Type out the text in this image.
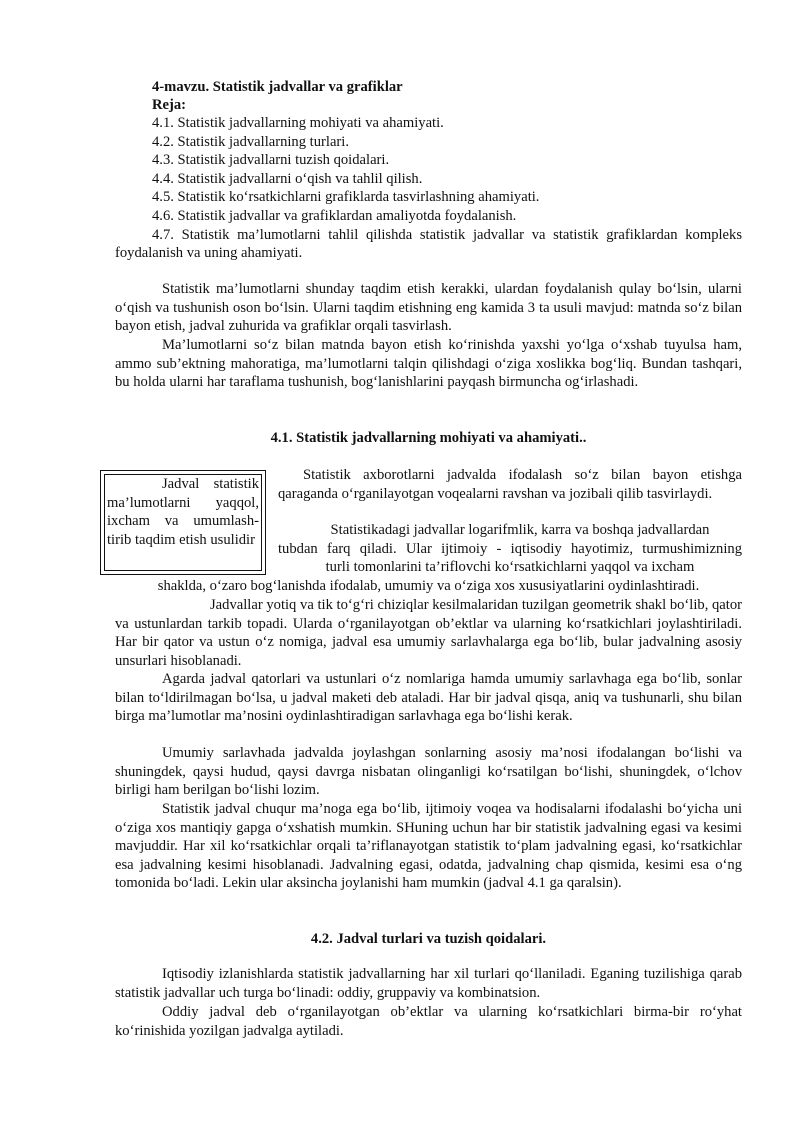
4-mavzu. Statistik jadvallar va grafiklar
Reja:
4.1. Statistik jadvallarning mohiyati va ahamiyati.
4.2. Statistik jadvallarning turlari.
4.3. Statistik jadvallarni tuzish qoidalari.
4.4. Statistik jadvallarni o‘qish va tahlil qilish.
4.5. Statistik ko‘rsatkichlarni grafiklarda tasvirlashning ahamiyati.
4.6. Statistik jadvallar va grafiklardan amaliyotda foydalanish.
4.7. Statistik ma’lumotlarni tahlil qilishda statistik jadvallar va statistik grafiklardan kompleks foydalanish va uning ahamiyati.
Statistik ma’lumotlarni shunday taqdim etish kerakki, ulardan foydalanish qulay bo‘lsin, ularni o‘qish va tushunish oson bo‘lsin. Ularni taqdim etishning eng kamida 3 ta usuli mavjud: matnda so‘z bilan bayon etish, jadval zuhurida va grafiklar orqali tasvirlash.
Ma’lumotlarni so‘z bilan matnda bayon etish ko‘rinishda yaxshi yo‘lga o‘xshab tuyulsa ham, ammo sub’ektning mahoratiga, ma’lumotlarni talqin qilishdagi o‘ziga xoslikka bog‘liq. Bundan tashqari, bu holda ularni har taraflama tushunish, bog‘lanishlarini payqash birmuncha og‘irlashadi.
4.1. Statistik jadvallarning mohiyati va ahamiyati..
Jadval statistik ma’lumotlarni yaqqol, ixcham va umumlash-tirib taqdim etish usulidir
Statistik axborotlarni jadvalda ifodalash so‘z bilan bayon etishga qaraganda o‘rganilayotgan voqealarni ravshan va jozibali qilib tasvirlaydi.
Statistikadagi jadvallar logarifmlik, karra va boshqa jadvallardan
tubdan farq qiladi. Ular ijtimoiy - iqtisodiy hayotimiz, turmushimizning
turli tomonlarini ta’riflovchi ko‘rsatkichlarni yaqqol va ixcham
shaklda, o‘zaro bog‘lanishda ifodalab, umumiy va o‘ziga xos xususiyatlarini oydinlashtiradi.
Jadvallar yotiq va tik to‘g‘ri chiziqlar kesilmalaridan tuzilgan geometrik shakl bo‘lib, qator va ustunlardan tarkib topadi. Ularda o‘rganilayotgan ob’ektlar va ularning ko‘rsatkichlari joylashtiriladi. Har bir qator va ustun o‘z nomiga, jadval esa umumiy sarlavhalarga ega bo‘lib, bular jadvalning asosiy unsurlari hisoblanadi.
Agarda jadval qatorlari va ustunlari o‘z nomlariga hamda umumiy sarlavhaga ega bo‘lib, sonlar bilan to‘ldirilmagan bo‘lsa, u jadval maketi deb ataladi. Har bir jadval qisqa, aniq va tushunarli, shu bilan birga ma’lumotlar ma’nosini oydinlashtiradigan sarlavhaga ega bo‘lishi kerak.
Umumiy sarlavhada jadvalda joylashgan sonlarning asosiy ma’nosi ifodalangan bo‘lishi va shuningdek, qaysi hudud, qaysi davrga nisbatan olinganligi ko‘rsatilgan bo‘lishi, shuningdek, o‘lchov birligi ham berilgan bo‘lishi lozim.
Statistik jadval chuqur ma’noga ega bo‘lib, ijtimoiy voqea va hodisalarni ifodalashi bo‘yicha uni o‘ziga xos mantiqiy gapga o‘xshatish mumkin. SHuning uchun har bir statistik jadvalning egasi va kesimi mavjuddir. Har xil ko‘rsatkichlar orqali ta’riflanayotgan statistik to‘plam jadvalning egasi, ko‘rsatkichlar esa jadvalning kesimi hisoblanadi. Jadvalning egasi, odatda, jadvalning chap qismida, kesimi esa o‘ng tomonida bo‘ladi. Lekin ular aksincha joylanishi ham mumkin (jadval 4.1 ga qaralsin).
4.2. Jadval turlari va tuzish qoidalari.
Iqtisodiy izlanishlarda statistik jadvallarning har xil turlari qo‘llaniladi. Eganing tuzilishiga qarab statistik jadvallar uch turga bo‘linadi: oddiy, gruppaviy va kombinatsion.
Oddiy jadval deb o‘rganilayotgan ob’ektlar va ularning ko‘rsatkichlari birma-bir ro‘yhat ko‘rinishida yozilgan jadvalga aytiladi.
